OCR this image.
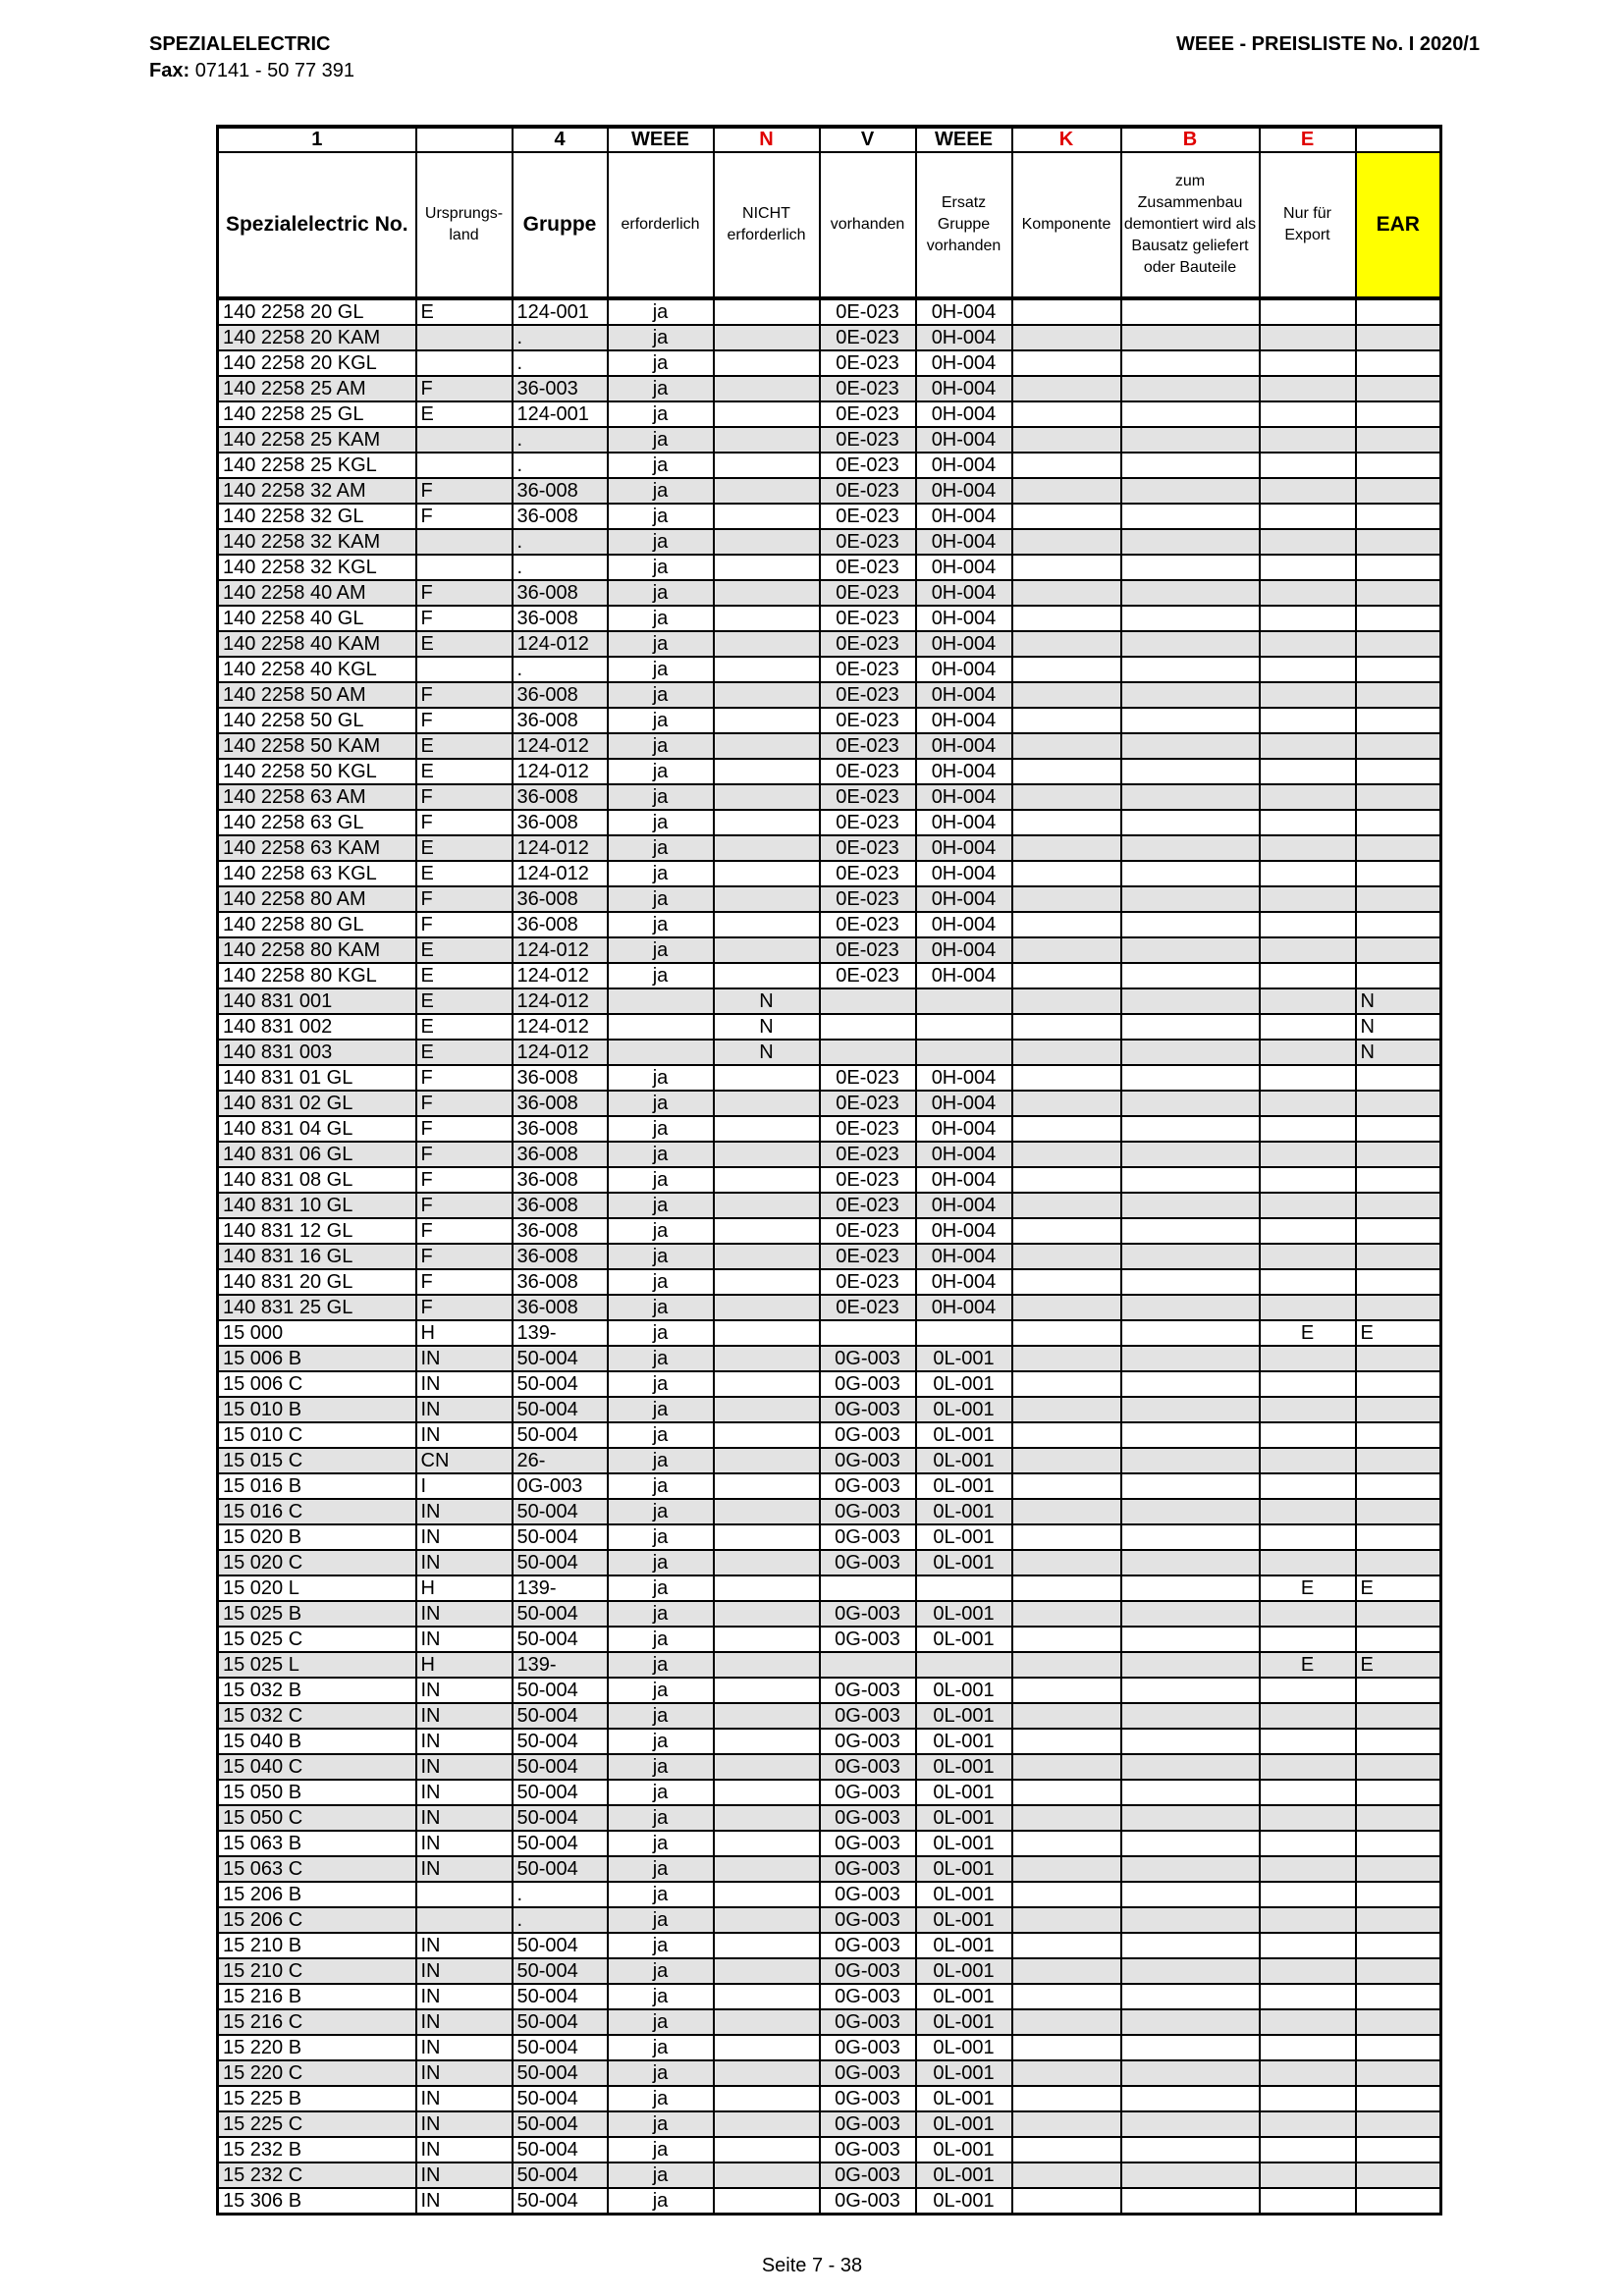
SPEZIALELECTRIC
Fax: 07141 - 50 77 391
WEEE - PREISLISTE No. I 2020/1
1		4	WEEE	N	V	WEEE	K	B	E	
Spezialelectric No.	Ursprungs-land	Gruppe	erforderlich	NICHT erforderlich	vorhanden	Ersatz Gruppe vorhanden	Komponente	zum Zusammenbau demontiert wird als Bausatz geliefert oder Bauteile	Nur für Export	EAR
140 2258 20 GL	E	124-001	ja		0E-023	0H-004				
140 2258 20 KAM		.	ja		0E-023	0H-004				
140 2258 20 KGL		.	ja		0E-023	0H-004				
140 2258 25 AM	F	36-003	ja		0E-023	0H-004				
140 2258 25 GL	E	124-001	ja		0E-023	0H-004				
140 2258 25 KAM		.	ja		0E-023	0H-004				
140 2258 25 KGL		.	ja		0E-023	0H-004				
140 2258 32 AM	F	36-008	ja		0E-023	0H-004				
140 2258 32 GL	F	36-008	ja		0E-023	0H-004				
140 2258 32 KAM		.	ja		0E-023	0H-004				
140 2258 32 KGL		.	ja		0E-023	0H-004				
140 2258 40 AM	F	36-008	ja		0E-023	0H-004				
140 2258 40 GL	F	36-008	ja		0E-023	0H-004				
140 2258 40 KAM	E	124-012	ja		0E-023	0H-004				
140 2258 40 KGL		.	ja		0E-023	0H-004				
140 2258 50 AM	F	36-008	ja		0E-023	0H-004				
140 2258 50 GL	F	36-008	ja		0E-023	0H-004				
140 2258 50 KAM	E	124-012	ja		0E-023	0H-004				
140 2258 50 KGL	E	124-012	ja		0E-023	0H-004				
140 2258 63 AM	F	36-008	ja		0E-023	0H-004				
140 2258 63 GL	F	36-008	ja		0E-023	0H-004				
140 2258 63 KAM	E	124-012	ja		0E-023	0H-004				
140 2258 63 KGL	E	124-012	ja		0E-023	0H-004				
140 2258 80 AM	F	36-008	ja		0E-023	0H-004				
140 2258 80 GL	F	36-008	ja		0E-023	0H-004				
140 2258 80 KAM	E	124-012	ja		0E-023	0H-004				
140 2258 80 KGL	E	124-012	ja		0E-023	0H-004				
140 831 001	E	124-012		N						N
140 831 002	E	124-012		N						N
140 831 003	E	124-012		N						N
140 831 01 GL	F	36-008	ja		0E-023	0H-004				
140 831 02 GL	F	36-008	ja		0E-023	0H-004				
140 831 04 GL	F	36-008	ja		0E-023	0H-004				
140 831 06 GL	F	36-008	ja		0E-023	0H-004				
140 831 08 GL	F	36-008	ja		0E-023	0H-004				
140 831 10 GL	F	36-008	ja		0E-023	0H-004				
140 831 12 GL	F	36-008	ja		0E-023	0H-004				
140 831 16 GL	F	36-008	ja		0E-023	0H-004				
140 831 20 GL	F	36-008	ja		0E-023	0H-004				
140 831 25 GL	F	36-008	ja		0E-023	0H-004				
15 000	H	139-	ja						E	E
15 006 B	IN	50-004	ja		0G-003	0L-001				
15 006 C	IN	50-004	ja		0G-003	0L-001				
15 010 B	IN	50-004	ja		0G-003	0L-001				
15 010 C	IN	50-004	ja		0G-003	0L-001				
15 015 C	CN	26-	ja		0G-003	0L-001				
15 016 B	I	0G-003	ja		0G-003	0L-001				
15 016 C	IN	50-004	ja		0G-003	0L-001				
15 020 B	IN	50-004	ja		0G-003	0L-001				
15 020 C	IN	50-004	ja		0G-003	0L-001				
15 020 L	H	139-	ja						E	E
15 025 B	IN	50-004	ja		0G-003	0L-001				
15 025 C	IN	50-004	ja		0G-003	0L-001				
15 025 L	H	139-	ja						E	E
15 032 B	IN	50-004	ja		0G-003	0L-001				
15 032 C	IN	50-004	ja		0G-003	0L-001				
15 040 B	IN	50-004	ja		0G-003	0L-001				
15 040 C	IN	50-004	ja		0G-003	0L-001				
15 050 B	IN	50-004	ja		0G-003	0L-001				
15 050 C	IN	50-004	ja		0G-003	0L-001				
15 063 B	IN	50-004	ja		0G-003	0L-001				
15 063 C	IN	50-004	ja		0G-003	0L-001				
15 206 B		.	ja		0G-003	0L-001				
15 206 C		.	ja		0G-003	0L-001				
15 210 B	IN	50-004	ja		0G-003	0L-001				
15 210 C	IN	50-004	ja		0G-003	0L-001				
15 216 B	IN	50-004	ja		0G-003	0L-001				
15 216 C	IN	50-004	ja		0G-003	0L-001				
15 220 B	IN	50-004	ja		0G-003	0L-001				
15 220 C	IN	50-004	ja		0G-003	0L-001				
15 225 B	IN	50-004	ja		0G-003	0L-001				
15 225 C	IN	50-004	ja		0G-003	0L-001				
15 232 B	IN	50-004	ja		0G-003	0L-001				
15 232 C	IN	50-004	ja		0G-003	0L-001				
15 306 B	IN	50-004	ja		0G-003	0L-001				
Seite 7 - 38
